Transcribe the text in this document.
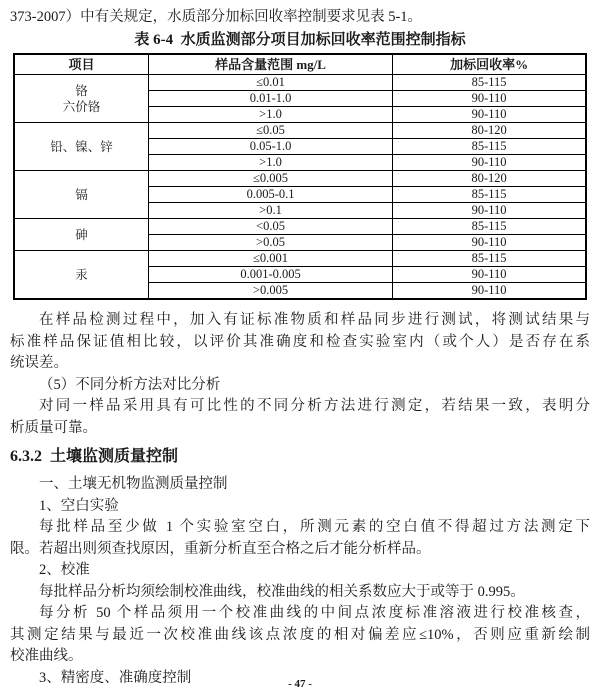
373-2007）中有关规定，水质部分加标回收率控制要求见表 5-1。

表 6-4  水质监测部分项目加标回收率范围控制指标
项目	样品含量范围 mg/L	加标回收率%
铬
六价铬	≤0.01	85-115
	0.01-1.0	90-110
	>1.0	90-110
铅、镍、锌	≤0.05	80-120
	0.05-1.0	85-115
	>1.0	90-110
镉	≤0.005	80-120
	0.005-0.1	85-115
	>0.1	90-110
砷	<0.05	85-115
	>0.05	90-110
汞	≤0.001	85-115
	0.001-0.005	90-110
	>0.005	90-110
在样品检测过程中，加入有证标准物质和样品同步进行测试，将测试结果与
标准样品保证值相比较，以评价其准确度和检查实验室内（或个人）是否存在系
统误差。
（5）不同分析方法对比分析
对同一样品采用具有可比性的不同分析方法进行测定，若结果一致，表明分
析质量可靠。
6.3.2  土壤监测质量控制
一、土壤无机物监测质量控制
1、空白实验
每批样品至少做 1 个实验室空白，所测元素的空白值不得超过方法测定下
限。若超出则须查找原因，重新分析直至合格之后才能分析样品。
2、校准
每批样品分析均须绘制校准曲线，校准曲线的相关系数应大于或等于 0.995。
每分析 50 个样品须用一个校准曲线的中间点浓度标准溶液进行校准核查，
其测定结果与最近一次校准曲线该点浓度的相对偏差应≤10%，否则应重新绘制
校准曲线。
3、精密度、准确度控制	- 47 -
